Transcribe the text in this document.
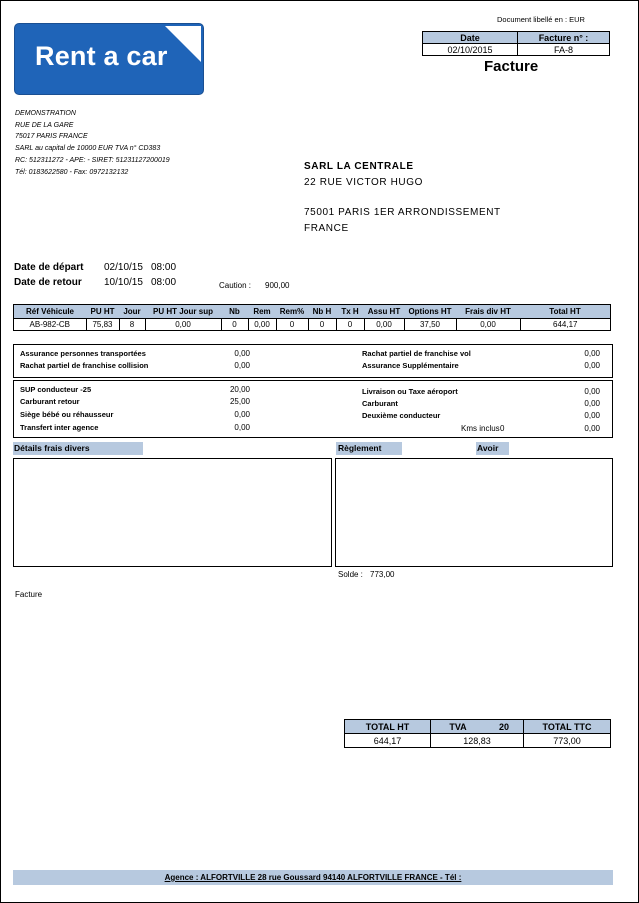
Rent a car
Document libellé en : EUR
Date	Facture n° :
02/10/2015	FA-8
Facture
DEMONSTRATION
RUE DE LA GARE
75017 PARIS FRANCE
SARL au capital de 10000 EUR TVA n° CD383
RC: 512311272 - APE: - SIRET: 51231127200019
Tél: 0183622580 - Fax: 0972132132
SARL LA CENTRALE
22 RUE VICTOR HUGO
75001 PARIS 1ER ARRONDISSEMENT
FRANCE
Date de départ 02/10/15 08:00
Date de retour 10/10/15 08:00	Caution : 900,00
Réf Véhicule	PU HT	Jour	PU HT Jour sup	Nb	Rem	Rem%	Nb H	Tx H	Assu HT	Options HT	Frais div HT	Total HT
AB-982-CB	75,83	8	0,00	0	0,00	0	0	0	0,00	37,50	0,00	644,17
Assurance personnes transportées	0,00
Rachat partiel de franchise collision	0,00
Rachat partiel de franchise vol	0,00
Assurance Supplémentaire	0,00
SUP conducteur -25	20,00
Carburant retour	25,00
Siège bébé ou réhausseur	0,00
Transfert inter agence	0,00
Livraison ou Taxe aéroport	0,00
Carburant	0,00
Deuxième conducteur	0,00
Kms inclus 0	0,00
Détails frais divers	Règlement	Avoir
Solde : 773,00
Facture
TOTAL HT	TVA	20	TOTAL TTC
644,17	128,83		773,00
Agence : ALFORTVILLE 28 rue Goussard 94140 ALFORTVILLE FRANCE - Tél :
